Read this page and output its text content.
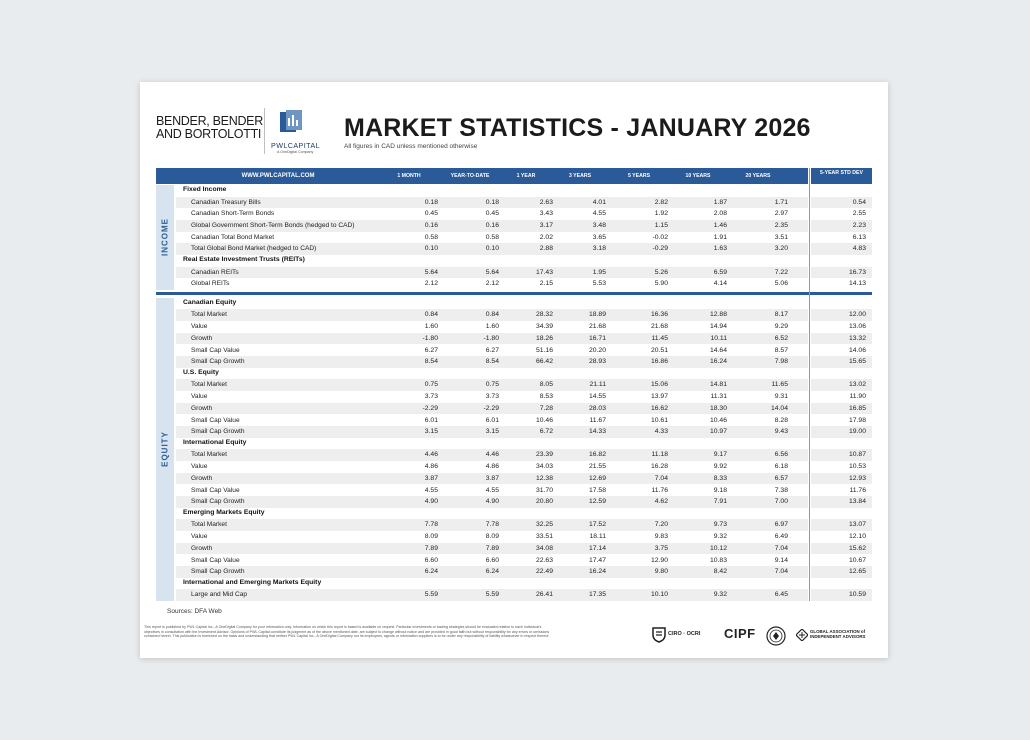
BENDER, BENDER
AND BORTOLOTTI
PWLCAPITAL
A OneDigital Company
MARKET STATISTICS - JANUARY 2026
All figures in CAD unless mentioned otherwise
WWW.PWLCAPITAL.COM	1 MONTH	YEAR-TO-DATE	1 YEAR	3 YEARS	5 YEARS	10 YEARS	20 YEARS	5-YEAR STD DEV
Fixed Income
Canadian Treasury Bills	0.18	0.18	2.63	4.01	2.82	1.87	1.71	0.54
Canadian Short-Term Bonds	0.45	0.45	3.43	4.55	1.92	2.08	2.97	2.55
Global Government Short-Term Bonds (hedged to CAD)	0.16	0.16	3.17	3.48	1.15	1.46	2.35	2.23
Canadian Total Bond Market	0.58	0.58	2.02	3.65	-0.02	1.91	3.51	6.13
Total Global Bond Market (hedged to CAD)	0.10	0.10	2.88	3.18	-0.29	1.63	3.20	4.83
Real Estate Investment Trusts (REITs)
Canadian REITs	5.64	5.64	17.43	1.95	5.26	6.59	7.22	16.73
Global REITs	2.12	2.12	2.15	5.53	5.90	4.14	5.06	14.13
INCOME
Canadian Equity
Total Market	0.84	0.84	28.32	18.89	16.36	12.88	8.17	12.00
Value	1.60	1.60	34.39	21.68	21.68	14.94	9.29	13.06
Growth	-1.80	-1.80	18.26	16.71	11.45	10.11	6.52	13.32
Small Cap Value	6.27	6.27	51.16	20.20	20.51	14.64	8.57	14.06
Small Cap Growth	8.54	8.54	66.42	28.93	16.86	16.24	7.98	15.65
U.S. Equity
Total Market	0.75	0.75	8.05	21.11	15.06	14.81	11.65	13.02
Value	3.73	3.73	8.53	14.55	13.97	11.31	9.31	11.90
Growth	-2.29	-2.29	7.28	28.03	16.62	18.30	14.04	16.85
Small Cap Value	6.01	6.01	10.46	11.67	10.61	10.46	8.28	17.98
Small Cap Growth	3.15	3.15	6.72	14.33	4.33	10.97	9.43	19.00
International Equity
Total Market	4.46	4.46	23.39	16.82	11.18	9.17	6.56	10.87
Value	4.86	4.86	34.03	21.55	16.28	9.92	6.18	10.53
Growth	3.87	3.87	12.38	12.69	7.04	8.33	6.57	12.93
Small Cap Value	4.55	4.55	31.70	17.58	11.76	9.18	7.38	11.76
Small Cap Growth	4.90	4.90	20.80	12.59	4.62	7.91	7.00	13.84
Emerging Markets Equity
Total Market	7.78	7.78	32.25	17.52	7.20	9.73	6.97	13.07
Value	8.09	8.09	33.51	18.11	9.83	9.32	6.49	12.10
Growth	7.89	7.89	34.08	17.14	3.75	10.12	7.04	15.62
Small Cap Value	6.60	6.60	22.63	17.47	12.90	10.83	9.14	10.67
Small Cap Growth	6.24	6.24	22.49	16.24	9.80	8.42	7.04	12.65
International and Emerging Markets Equity
Large and Mid Cap	5.59	5.59	26.41	17.35	10.10	9.32	6.45	10.59
EQUITY
Sources: DFA Web
This report is published by PWL Capital Inc., A OneDigital Company for your information only. Information on which this report is based is available on request. Particular investments or trading strategies should be evaluated relative to each individual's objectives in consultation with the Investment Advisor. Opinions of PWL Capital constitute its judgment as of the above mentioned date, are subject to change without notice and are provided in good faith but without responsibility for any errors or omissions contained herein. This publication is furnished on the basis and understanding that neither PWL Capital Inc., A OneDigital Company nor its employees, agents or information suppliers is to be under any responsibility of liability whatsoever in respect thereof.	CIRO · OCRI CIPF	GLOBAL ASSOCIATION of INDEPENDENT ADVISORS
